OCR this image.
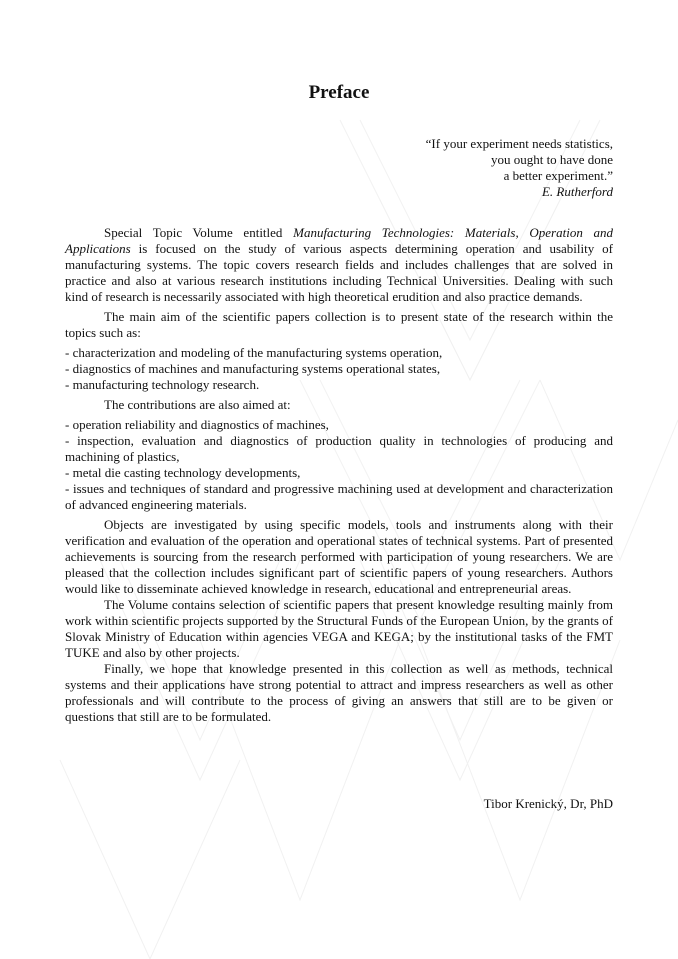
Preface
“If your experiment needs statistics,
you ought to have done
a better experiment.”
E. Rutherford

Special Topic Volume entitled Manufacturing Technologies: Materials, Operation and Applications is focused on the study of various aspects determining operation and usability of manufacturing systems. The topic covers research fields and includes challenges that are solved in practice and also at various research institutions including Technical Universities. Dealing with such kind of research is necessarily associated with high theoretical erudition and also practice demands.

The main aim of the scientific papers collection is to present state of the research within the topics such as:

- characterization and modeling of the manufacturing systems operation,
- diagnostics of machines and manufacturing systems operational states,
- manufacturing technology research.

The contributions are also aimed at:

- operation reliability and diagnostics of machines,
- inspection, evaluation and diagnostics of production quality in technologies of producing and machining of plastics,
- metal die casting technology developments,
- issues and techniques of standard and progressive machining used at development and characterization of advanced engineering materials.

Objects are investigated by using specific models, tools and instruments along with their verification and evaluation of the operation and operational states of technical systems. Part of presented achievements is sourcing from the research performed with participation of young researchers. We are pleased that the collection includes significant part of scientific papers of young researchers. Authors would like to disseminate achieved knowledge in research, educational and entrepreneurial areas.

The Volume contains selection of scientific papers that present knowledge resulting mainly from work within scientific projects supported by the Structural Funds of the European Union, by the grants of Slovak Ministry of Education within agencies VEGA and KEGA; by the institutional tasks of the FMT TUKE and also by other projects.

Finally, we hope that knowledge presented in this collection as well as methods, technical systems and their applications have strong potential to attract and impress researchers as well as other professionals and will contribute to the process of giving an answers that still are to be given or questions that still are to be formulated.

Tibor Krenický, Dr, PhD
